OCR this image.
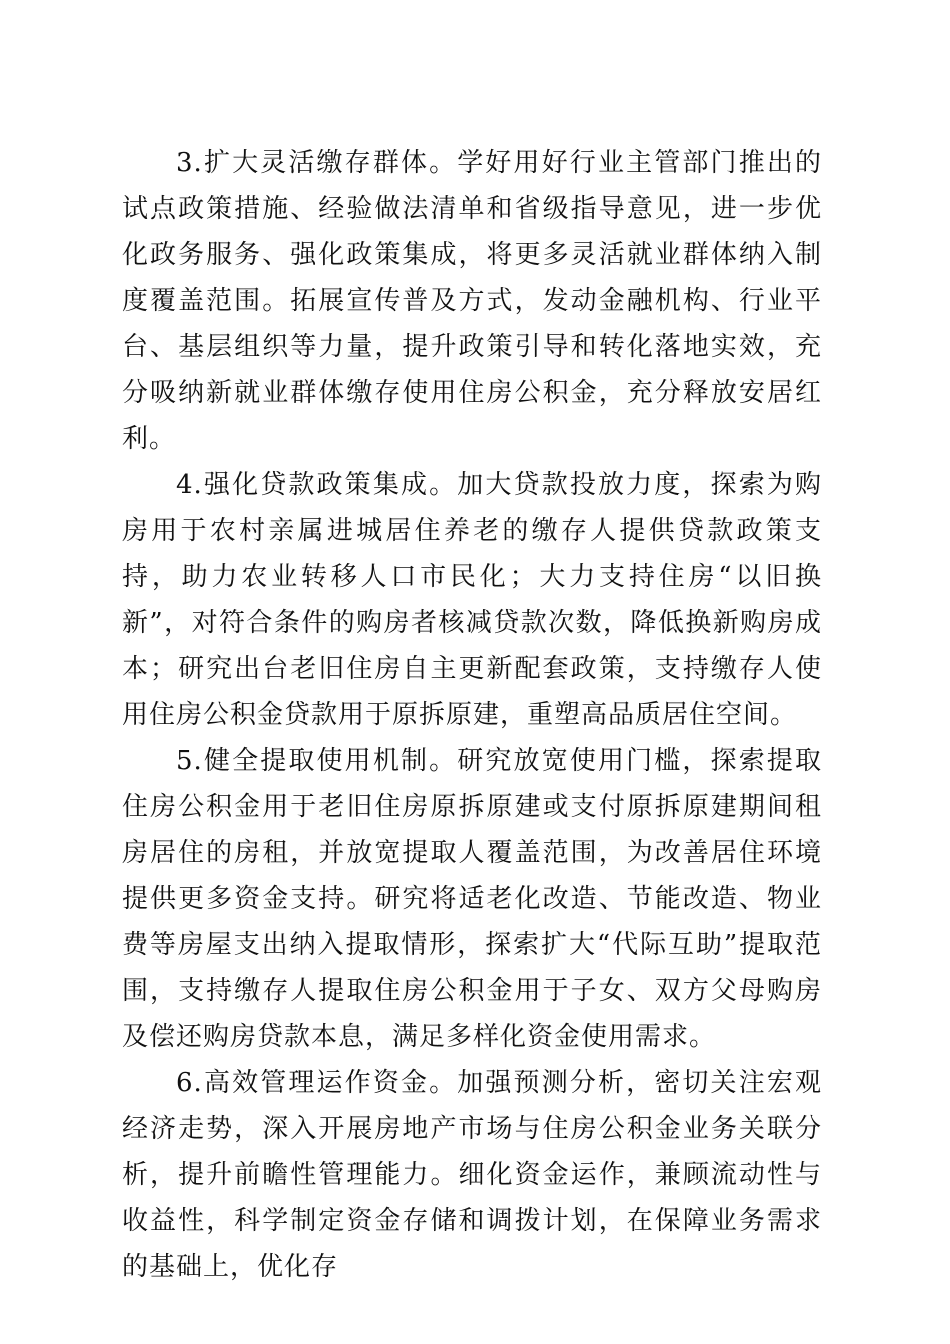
3.扩大灵活缴存群体。学好用好行业主管部门推出的试点政策措施、经验做法清单和省级指导意见，进一步优化政务服务、强化政策集成，将更多灵活就业群体纳入制度覆盖范围。拓展宣传普及方式，发动金融机构、行业平台、基层组织等力量，提升政策引导和转化落地实效，充分吸纳新就业群体缴存使用住房公积金，充分释放安居红利。

4.强化贷款政策集成。加大贷款投放力度，探索为购房用于农村亲属进城居住养老的缴存人提供贷款政策支持，助力农业转移人口市民化；大力支持住房“以旧换新”，对符合条件的购房者核减贷款次数，降低换新购房成本；研究出台老旧住房自主更新配套政策，支持缴存人使用住房公积金贷款用于原拆原建，重塑高品质居住空间。

5.健全提取使用机制。研究放宽使用门槛，探索提取住房公积金用于老旧住房原拆原建或支付原拆原建期间租房居住的房租，并放宽提取人覆盖范围，为改善居住环境提供更多资金支持。研究将适老化改造、节能改造、物业费等房屋支出纳入提取情形，探索扩大“代际互助”提取范围，支持缴存人提取住房公积金用于子女、双方父母购房及偿还购房贷款本息，满足多样化资金使用需求。

6.高效管理运作资金。加强预测分析，密切关注宏观经济走势，深入开展房地产市场与住房公积金业务关联分析，提升前瞻性管理能力。细化资金运作，兼顾流动性与收益性，科学制定资金存储和调拨计划，在保障业务需求的基础上，优化存
